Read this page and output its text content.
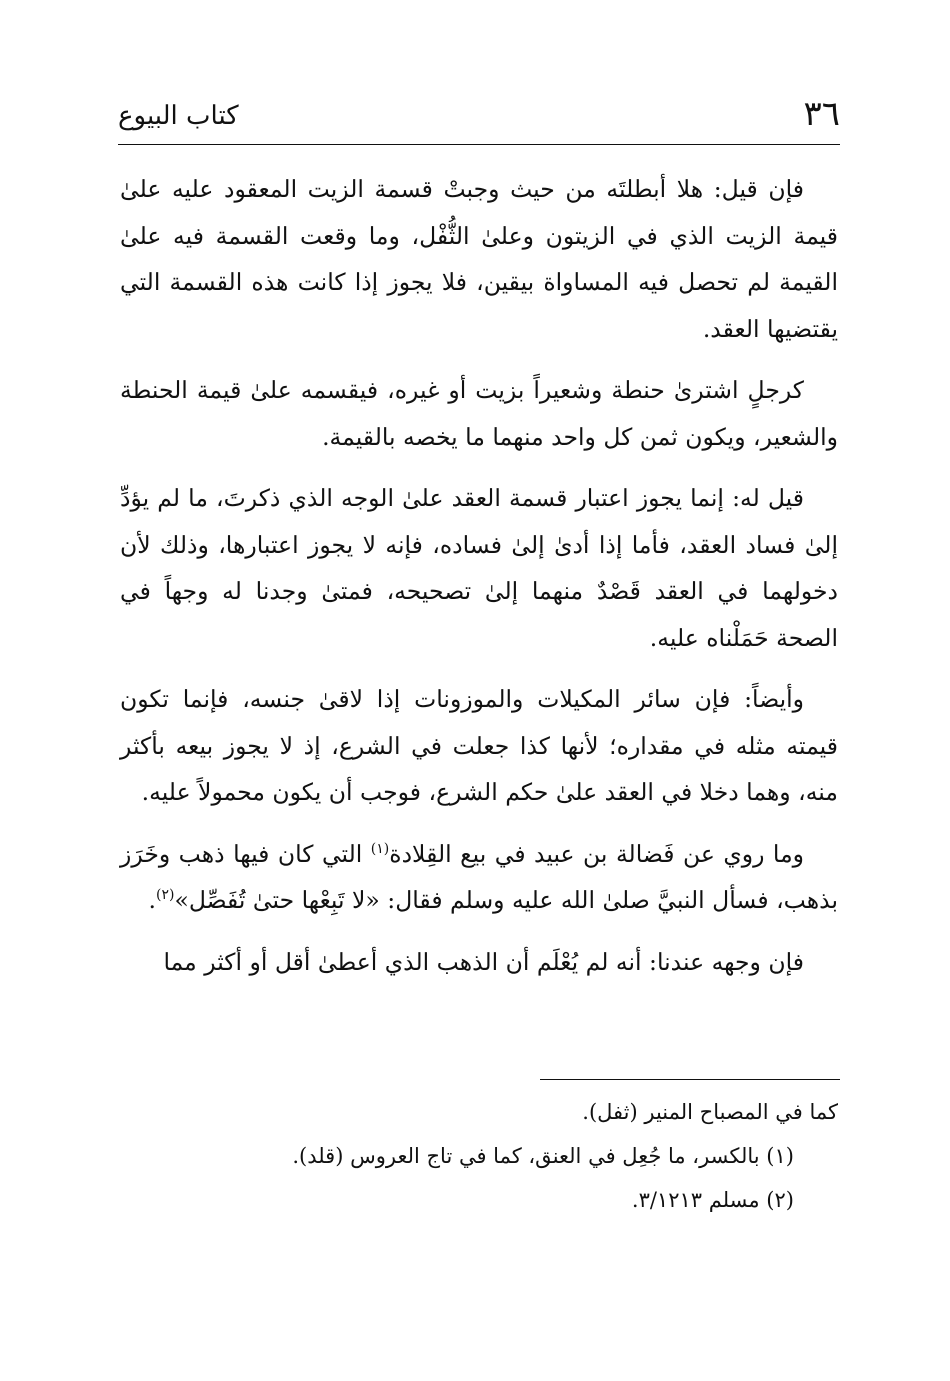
٣٦
كتاب البيوع

فإن قيل: هلا أبطلتَه من حيث وجبتْ قسمة الزيت المعقود عليه علىٰ قيمة الزيت الذي في الزيتون وعلىٰ الثُّفْل، وما وقعت القسمة فيه علىٰ القيمة لم تحصل فيه المساواة بيقين، فلا يجوز إذا كانت هذه القسمة التي يقتضيها العقد.

كرجلٍ اشترىٰ حنطة وشعيراً بزيت أو غيره، فيقسمه علىٰ قيمة الحنطة والشعير، ويكون ثمن كل واحد منهما ما يخصه بالقيمة.

قيل له: إنما يجوز اعتبار قسمة العقد علىٰ الوجه الذي ذكرتَ، ما لم يؤدِّ إلىٰ فساد العقد، فأما إذا أدىٰ إلىٰ فساده، فإنه لا يجوز اعتبارها، وذلك لأن دخولهما في العقد قَصْدٌ منهما إلىٰ تصحيحه، فمتىٰ وجدنا له وجهاً في الصحة حَمَلْناه عليه.

وأيضاً: فإن سائر المكيلات والموزونات إذا لاقىٰ جنسه، فإنما تكون قيمته مثله في مقداره؛ لأنها كذا جعلت في الشرع، إذ لا يجوز بيعه بأكثر منه، وهما دخلا في العقد علىٰ حكم الشرع، فوجب أن يكون محمولاً عليه.

وما روي عن فَضالة بن عبيد في بيع القِلادة$^{(١)}$ التي كان فيها ذهب وخَرَز بذهب، فسأل النبيَّ صلىٰ الله عليه وسلم فقال: «لا تَبِعْها حتىٰ تُفَصِّل»$^{(٢)}$.

فإن وجهه عندنا: أنه لم يُعْلَم أن الذهب الذي أعطىٰ أقل أو أكثر مما

كما في المصباح المنير (ثفل).

(١) بالكسر، ما جُعِل في العنق، كما في تاج العروس (قلد).

(٢) مسلم ٣/١٢١٣.
